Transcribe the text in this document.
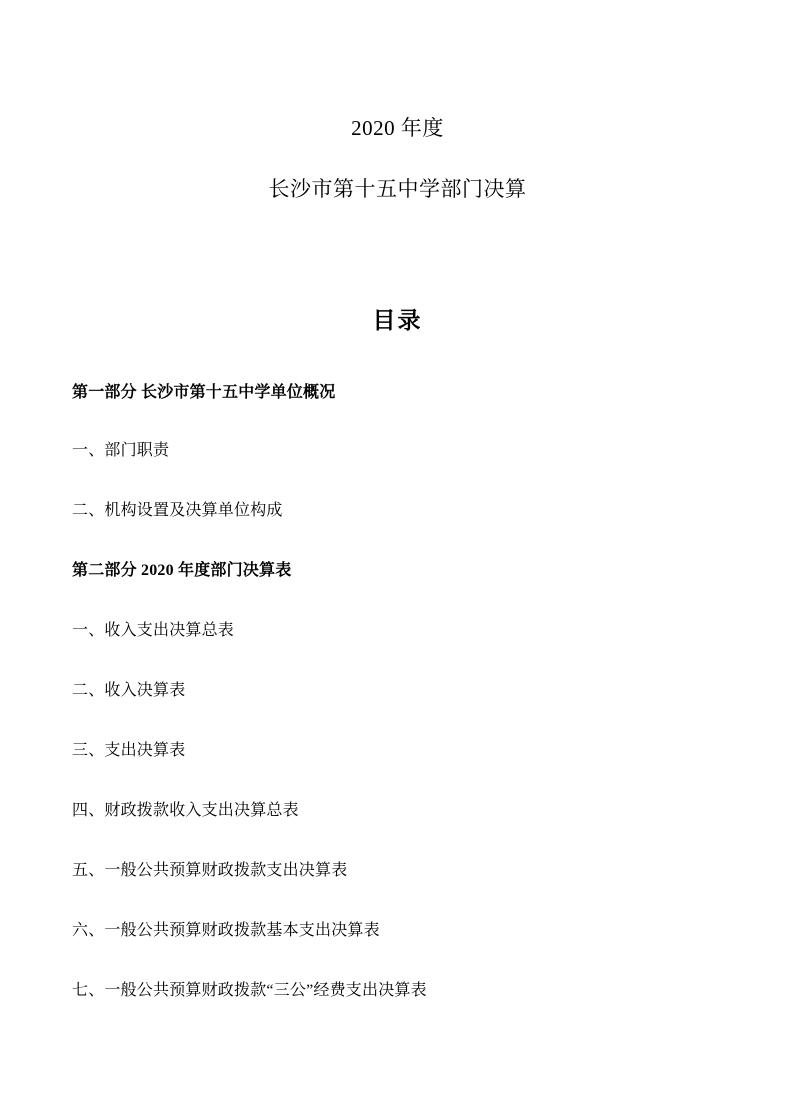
2020 年度
长沙市第十五中学部门决算
目录
第一部分 长沙市第十五中学单位概况
一、部门职责
二、机构设置及决算单位构成
第二部分 2020 年度部门决算表
一、收入支出决算总表
二、收入决算表
三、支出决算表
四、财政拨款收入支出决算总表
五、一般公共预算财政拨款支出决算表
六、一般公共预算财政拨款基本支出决算表
七、一般公共预算财政拨款“三公”经费支出决算表
